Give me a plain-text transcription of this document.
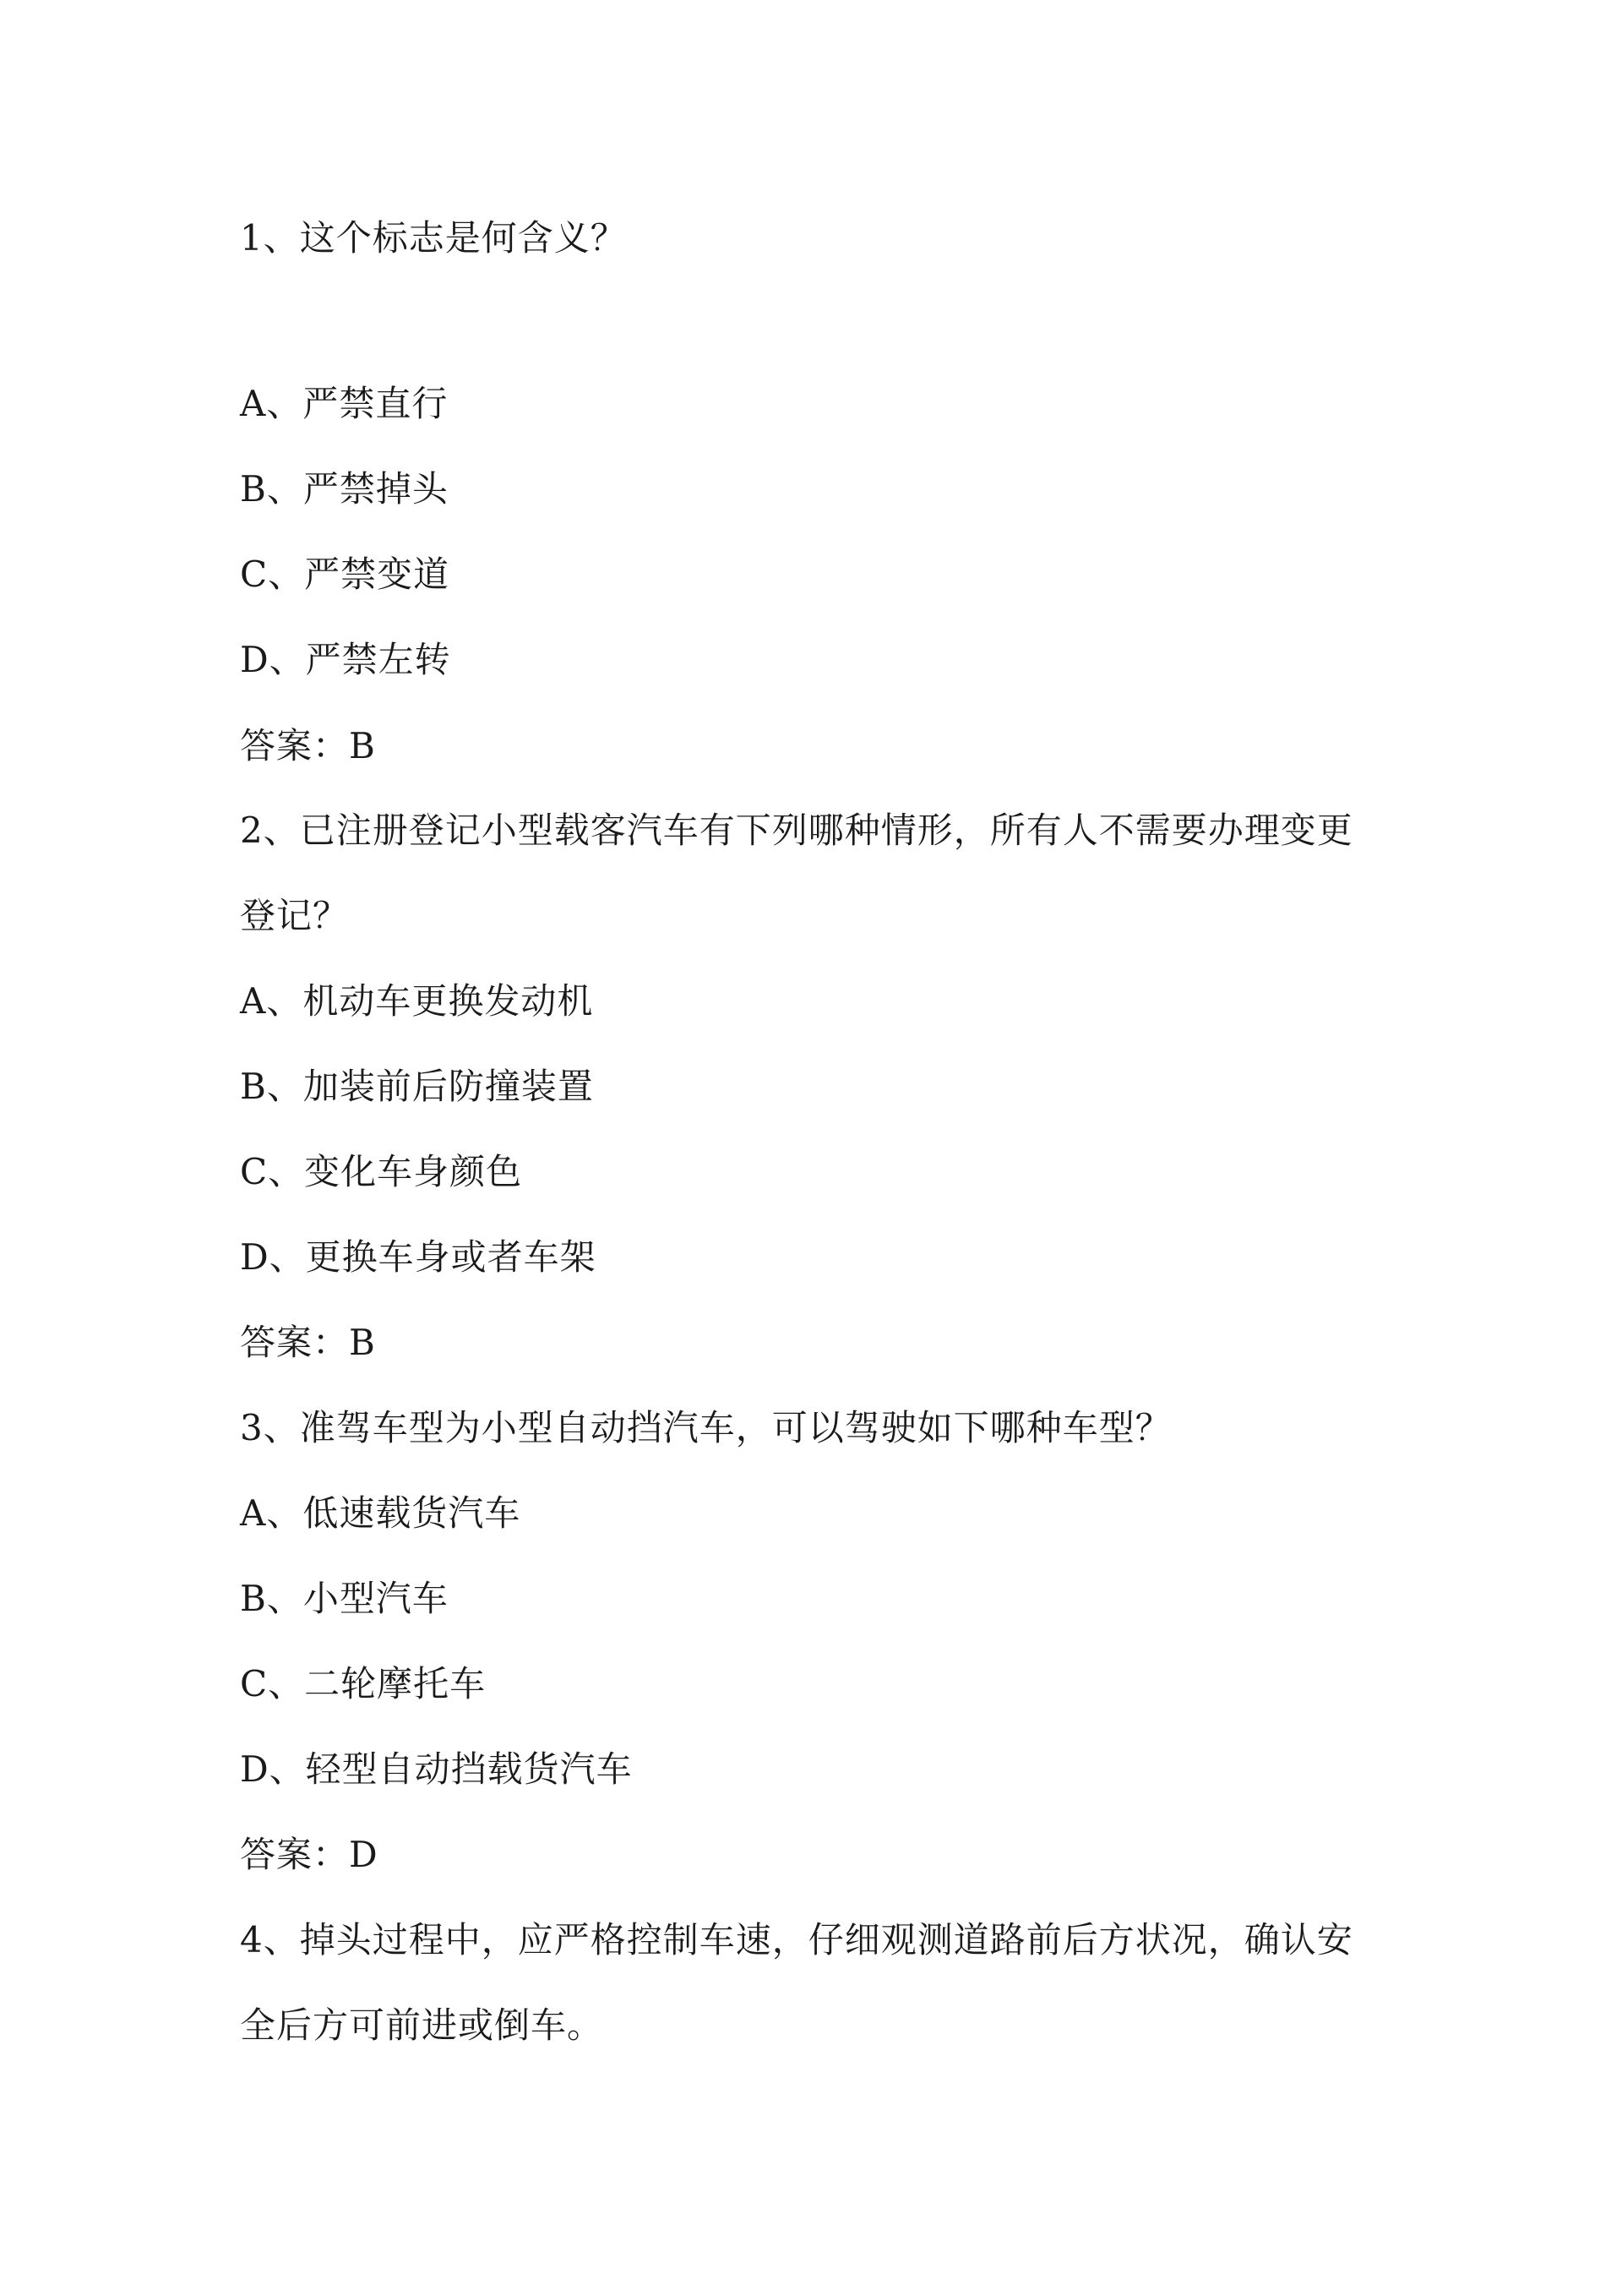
1、这个标志是何含义？
A、严禁直行
B、严禁掉头
C、严禁变道
D、严禁左转
答案：B
2、已注册登记小型载客汽车有下列哪种情形，所有人不需要办理变更
登记？
A、机动车更换发动机
B、加装前后防撞装置
C、变化车身颜色
D、更换车身或者车架
答案：B
3、准驾车型为小型自动挡汽车，可以驾驶如下哪种车型？
A、低速载货汽车
B、小型汽车
C、二轮摩托车
D、轻型自动挡载货汽车
答案：D
4、掉头过程中，应严格控制车速，仔细观测道路前后方状况，确认安
全后方可前进或倒车。
